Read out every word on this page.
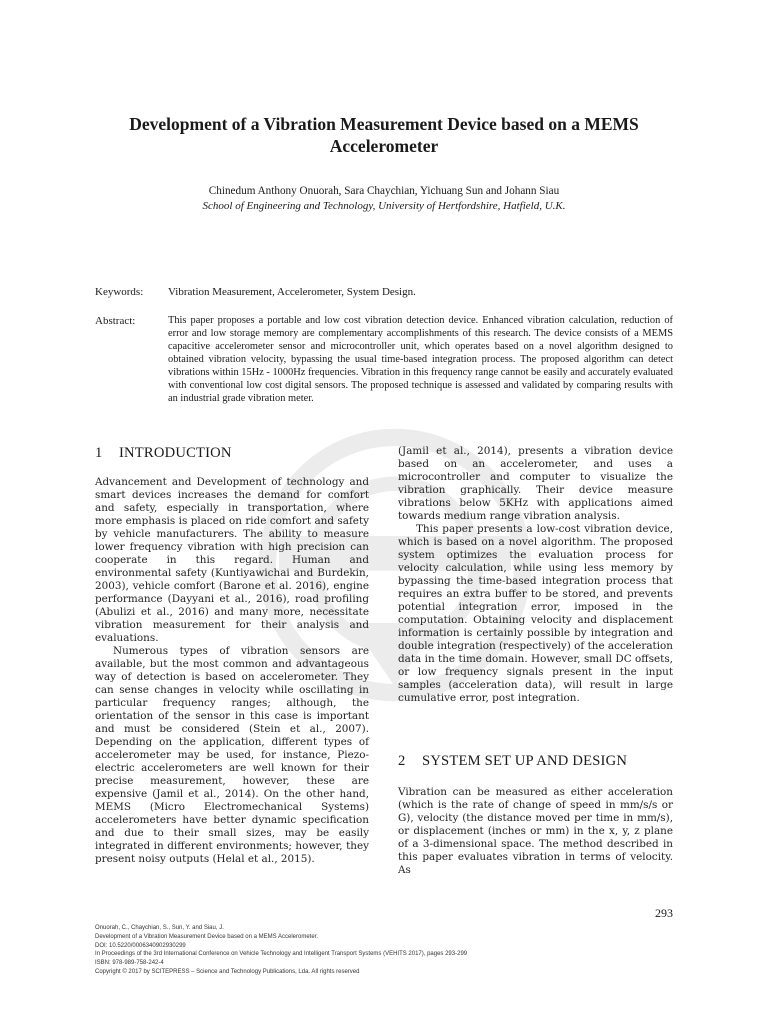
Development of a Vibration Measurement Device based on a MEMS Accelerometer
Chinedum Anthony Onuorah, Sara Chaychian, Yichuang Sun and Johann Siau
School of Engineering and Technology, University of Hertfordshire, Hatfield, U.K.
Keywords: Vibration Measurement, Accelerometer, System Design.
Abstract:	This paper proposes a portable and low cost vibration detection device. Enhanced vibration calculation, reduction of error and low storage memory are complementary accomplishments of this research. The device consists of a MEMS capacitive accelerometer sensor and microcontroller unit, which operates based on a novel algorithm designed to obtained vibration velocity, bypassing the usual time-based integration process. The proposed algorithm can detect vibrations within 15Hz - 1000Hz frequencies. Vibration in this frequency range cannot be easily and accurately evaluated with conventional low cost digital sensors. The proposed technique is assessed and validated by comparing results with an industrial grade vibration meter.
1 INTRODUCTION

Advancement and Development of technology and smart devices increases the demand for comfort and safety, especially in transportation, where more emphasis is placed on ride comfort and safety by vehicle manufacturers. The ability to measure lower frequency vibration with high precision can cooperate in this regard. Human and environmental safety (Kuntiyawichai and Burdekin, 2003), vehicle comfort (Barone et al. 2016), engine performance (Dayyani et al., 2016), road profiling (Abulizi et al., 2016) and many more, necessitate vibration measurement for their analysis and evaluations.

Numerous types of vibration sensors are available, but the most common and advantageous way of detection is based on accelerometer. They can sense changes in velocity while oscillating in particular frequency ranges; although, the orientation of the sensor in this case is important and must be considered (Stein et al., 2007). Depending on the application, different types of accelerometer may be used, for instance, Piezo-electric accelerometers are well known for their precise measurement, however, these are expensive (Jamil et al., 2014). On the other hand, MEMS (Micro Electromechanical Systems) accelerometers have better dynamic specification and due to their small sizes, may be easily integrated in different environments; however, they present noisy outputs (Helal et al., 2015).

(Jamil et al., 2014), presents a vibration device based on an accelerometer, and uses a microcontroller and computer to visualize the vibration graphically. Their device measure vibrations below 5KHz with applications aimed towards medium range vibration analysis.

This paper presents a low-cost vibration device, which is based on a novel algorithm. The proposed system optimizes the evaluation process for velocity calculation, while using less memory by bypassing the time-based integration process that requires an extra buffer to be stored, and prevents potential integration error, imposed in the computation. Obtaining velocity and displacement information is certainly possible by integration and double integration (respectively) of the acceleration data in the time domain. However, small DC offsets, or low frequency signals present in the input samples (acceleration data), will result in large cumulative error, post integration.

2 SYSTEM SET UP AND DESIGN

Vibration can be measured as either acceleration (which is the rate of change of speed in mm/s/s or G), velocity (the distance moved per time in mm/s), or displacement (inches or mm) in the x, y, z plane of a 3-dimensional space. The method described in this paper evaluates vibration in terms of velocity. As

293
Onuorah, C., Chaychian, S., Sun, Y. and Siau, J.
Development of a Vibration Measurement Device based on a MEMS Accelerometer.
DOI: 10.5220/0006340902930299
In Proceedings of the 3rd International Conference on Vehicle Technology and Intelligent Transport Systems (VEHITS 2017), pages 293-299
ISBN: 978-989-758-242-4
Copyright © 2017 by SCITEPRESS – Science and Technology Publications, Lda. All rights reserved
